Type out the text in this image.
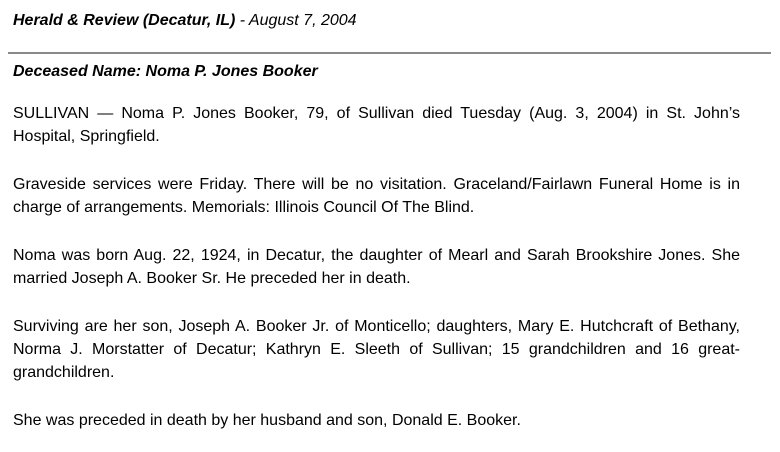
Herald & Review (Decatur, IL) - August 7, 2004
Deceased Name: Noma P. Jones Booker

SULLIVAN — Noma P. Jones Booker, 79, of Sullivan died Tuesday (Aug. 3, 2004) in St. John’s Hospital, Springfield.

Graveside services were Friday. There will be no visitation. Graceland/Fairlawn Funeral Home is in charge of arrangements. Memorials: Illinois Council Of The Blind.

Noma was born Aug. 22, 1924, in Decatur, the daughter of Mearl and Sarah Brookshire Jones. She married Joseph A. Booker Sr. He preceded her in death.

Surviving are her son, Joseph A. Booker Jr. of Monticello; daughters, Mary E. Hutchcraft of Bethany, Norma J. Morstatter of Decatur; Kathryn E. Sleeth of Sullivan; 15 grandchildren and 16 great-grandchildren.

She was preceded in death by her husband and son, Donald E. Booker.
